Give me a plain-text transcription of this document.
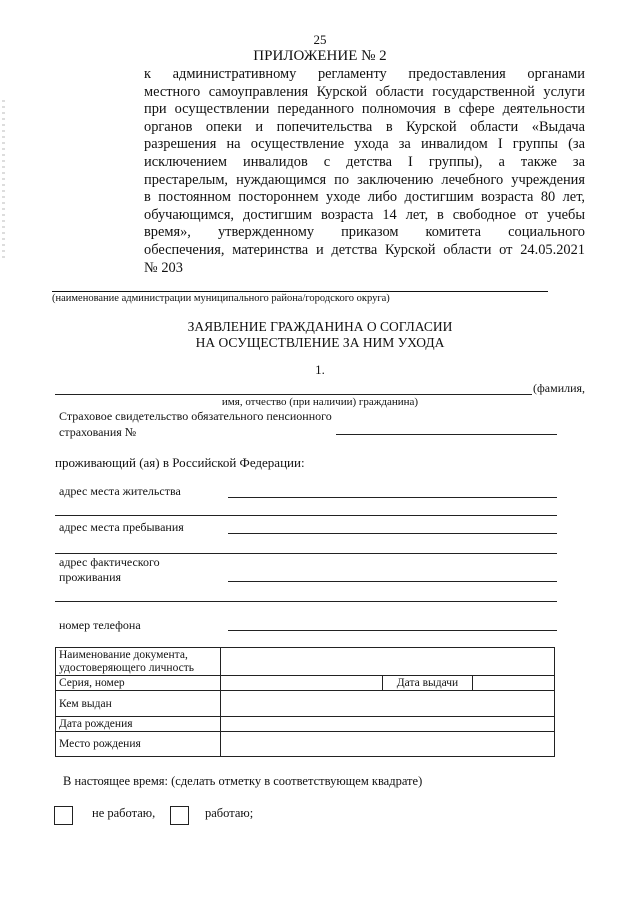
25
ПРИЛОЖЕНИЕ № 2
к административному регламенту предоставления органами
местного самоуправления Курской области государственной услуги
при осуществлении переданного полномочия в сфере деятельности
органов опеки и попечительства в Курской области «Выдача
разрешения на осуществление ухода за инвалидом I группы (за
исключением инвалидов с детства I группы), а также за
престарелым, нуждающимся по заключению лечебного учреждения
в постоянном постороннем уходе либо достигшим возраста 80 лет,
обучающимся, достигшим возраста 14 лет, в свободное от учебы
время», утвержденному приказом комитета социального
обеспечения, материнства и детства Курской области от 24.05.2021
№ 203
(наименование администрации муниципального района/городского округа)
ЗАЯВЛЕНИЕ ГРАЖДАНИНА О СОГЛАСИИ
НА ОСУЩЕСТВЛЕНИЕ ЗА НИМ УХОДА
1.
(фамилия,
имя, отчество (при наличии) гражданина)
Страховое свидетельство обязательного пенсионного
страхования №
проживающий (ая) в Российской Федерации:
адрес места жительства
адрес места пребывания
адрес фактического
проживания
номер телефона
Наименование документа,
удостоверяющего личность			

Серия, номер		Дата выдачи	
Кем выдан			
Дата рождения			
Место рождения			
В настоящее время: (сделать отметку в соответствующем квадрате)
не работаю,	работаю;
